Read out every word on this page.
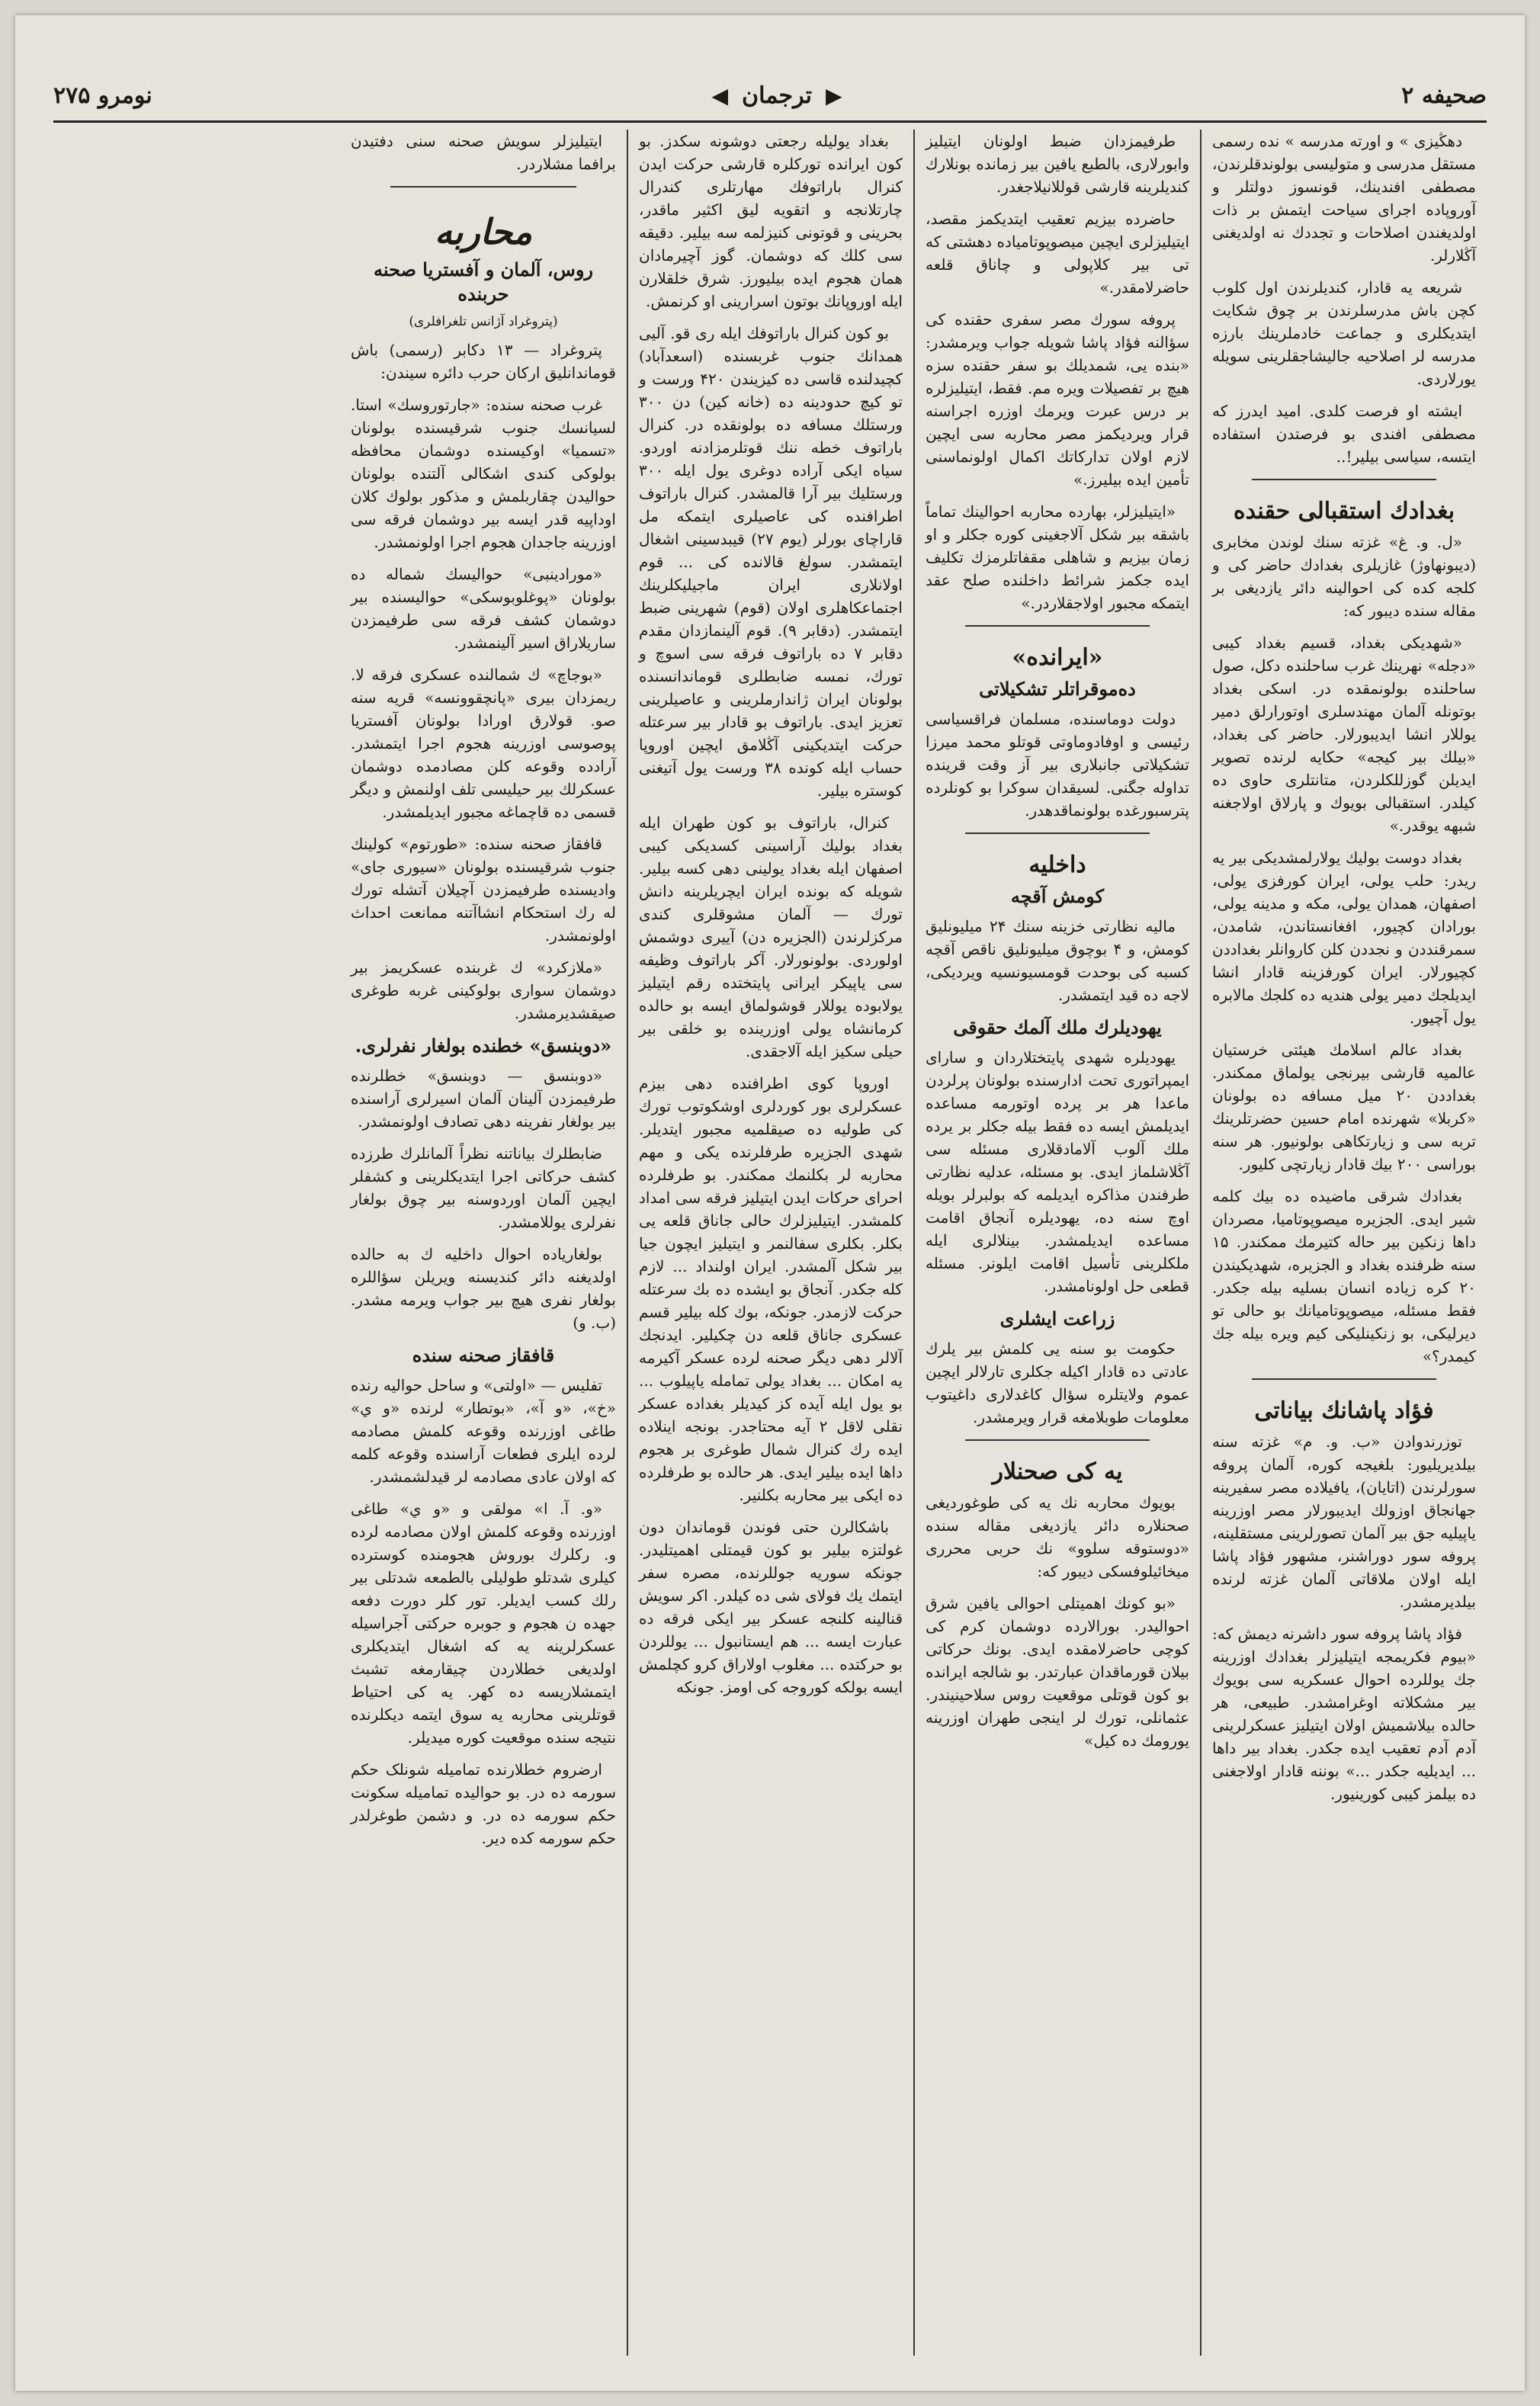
صحیفه ۲
▶
ترجمان
◀
نومرو ۲۷۵

دهڭیزی » و اورته مدرسه » نده رسمی مستقل مدرسی و متولیسی بولوندقلرندن، مصطفی افندینك، قونسوز دولتلر و آوروپاده اجرای سیاحت ایتمش بر ذات اولدیغندن اصلاحات و تجددك نه اولدیغنی آڭلارلر.

شریعه یه قادار، کندیلرندن اول کلوب کچن باش مدرسلرندن بر چوق شکایت ایتدیكلری و جماعت خادملرینك بارزه مدرسه لر اصلاحیه جالیشاجقلرینی سویله یورلاردی.

ایشته او فرصت کلدی. امید ایدرز که مصطفی افندی بو فرصتدن استفاده ایتسه، سیاسی بیلیر!..

بغدادك استقبالی حقنده

«ل. و. غ» غزته سنك لوندن مخابری (دیبونهاوژ) غازیلری بغدادك حاضر کی و کلجه کده کی احوالینه دائر یازدیغی بر مقاله سنده دیبور که:

«شهدیکی بغداد، قسیم بغداد کیبی «دجله» نهرینك غرب ساحلنده دکل، صول ساحلنده بولونمقده در. اسکی بغداد بوتونله آلمان مهندسلری اوتورارلق دمیر یوللار انشا ایدیبورلار. حاضر کی بغداد، «بیلك بیر کیجه» حکایه لرنده تصویر ایدیلن گوزللکلردن، متانتلری حاوی ده کیلدر. استقبالی بویوك و پارلاق اولاجغنه شبهه یوقدر.»

بغداد دوست بولیك یولارلمشدیکی بیر یه ریدر: حلب یولی، ایران کورفزی یولی، اصفهان، همدان یولی، مکه و مدینه یولی، بورادان کچیور، افغانستاندن، شامدن، سمرقنددن و نجددن کلن کاروانلر بغداددن کچیورلار. ایران کورفزینه قادار انشا ایدیلجك دمیر یولی هندیه ده کلجك مالابره یول آچیور.

بغداد عالم اسلامك هیئتی خرستیان عالمیه قارشی بیرنجی یولماق ممکندر. بغداددن ۲۰ میل مسافه ده بولونان «کربلا» شهرنده امام حسین حضرتلرینك تربه سی و زیارتکاهی بولونیور. هر سنه بوراسی ۲۰۰ بیك قادار زیارتچی کلیور.

بغدادك شرقی ماضیده ده بیك کلمه شیر ایدی. الجزیره میصوپوتامیا، مصردان داها زنکین بیر حاله کتیرمك ممکندر. ۱۵ سنه ظرفنده بغداد و الجزیره، شهدیکیندن ۲۰ کره زیاده انسان بسلیه بیله جکدر. فقط مسئله، میصوپوتامیانك بو حالی تو دیرلیکی، بو زنکینلیکی کیم ویره بیله جك کیمدر؟»

فؤاد پاشانك بیاناتی

توزرندوادن «ب. و. م» غزته سنه بیلدیریلیور: بلغیجه کوره، آلمان پروفه سورلرندن (اتایان)، یافیلاده مصر سفیرینه جهانجاق اوزولك ایدیبورلار مصر اوزرینه یاپیلیه جق بیر آلمان تصورلرینی مستقلینه، پروفه سور دوراشنر، مشهور فؤاد پاشا ایله اولان ملاقاتی آلمان غزته لرنده بیلدیرمشدر.

فؤاد پاشا پروفه سور داشرنه دیمش که: «بیوم فکریمجه ایتیلیزلر بغدادك اوزرینه جك یوللرده احوال عسکریه سی بویوك بیر مشکلاته اوغرامشدر. طبیعی، هر حالده بیلاشمیش اولان ایتیلیز عسکرلرینی آدم آدم تعقیب ایده جکدر. بغداد بیر داها ... ایدیلیه جکدر ...» بوننه قادار اولاجغنی ده بیلمز کیبی کورینیور.

طرفیمزدان ضبط اولونان ایتیلیز وابورلاری، بالطبع یافین بیر زمانده بونلارك کندیلرینه قارشی قوللانیلاجغدر.

حاضرده بیزیم تعقیب ایتدیکمز مقصد، ایتیلیزلری ایچین میصوپوتامیاده دهشتی که تی بیر کلاپولی و چاناق قلعه حاضرلامقدر.»

پروفه سورك مصر سفری حقنده کی سؤالنه فؤاد پاشا شویله جواب ویرمشدر: «بنده یی، شمدیلك بو سفر حقنده سزه هیچ بر تفصیلات ویره مم. فقط، ایتیلیزلره بر درس عبرت ویرمك اوزره اجراسنه قرار ویردیکمز مصر محاربه سی ایچین لازم اولان تدارکاتك اکمال اولونماسنی تأمین ایده بیلیرز.»

«ایتیلیزلر، بهارده محاربه احوالینك تماماً باشقه بیر شکل آلاجغینی کوره جکلر و او زمان بیزیم و شاهلی مقفاتلرمزك تکلیف ایده جکمز شرائط داخلنده صلح عقد ایتمکه مجبور اولاجقلاردر.»

«ایرانده»
دەموقراتلر تشکیلاتی

دولت دوماسنده، مسلمان فراقسیاسی رئیسی و اوفادوماوتی قوتلو محمد میرزا تشکیلاتی جانبلاری بیر آز وقت قرینده تداوله جگنی. لسیقدان سوکرا بو کونلرده پترسبورغده بولونماقدهدر.

داخلیه
کومش آقچه

مالیه نظارتی خزینه سنك ۲۴ میلیونلیق کومش، و ۴ بوچوق میلیونلیق ناقص آقچه کسبه کی بوحدت قومسیونسیه ویردیکی، لاجه ده قید ایتمشدر.

یهودیلرك ملك آلمك حقوقی

یهودیلره شهدی پایتختلاردان و سارای ایمپراتوری تحت ادارسنده بولونان پرلردن ماعدا هر بر پرده اوتورمه مساعده ایدیلمش ایسه ده فقط بیله جکلر بر یرده ملك آلوب آلامادقلاری مسئله سی آڭلاشلماز ایدی. بو مسئله، عدلیه نظارتی طرفندن مذاکره ایدیلمه که بولبرلر بویله اوچ سنه ده، یهودیلره آنجاق اقامت مساعده ایدیلمشدر. بینلالری ایله ملکلرینی تأسیل اقامت ایلونر. مسئله قطعی حل اولونامشدر.

زراعت ایشلری

حکومت بو سنه یی کلمش بیر یلرك عادتی ده قادار اکیله جکلری تارلالر ایچین عموم ولایتلره سؤال کاغدلاری داغیتوب معلومات طوبلامغه قرار ویرمشدر.

یه کی صحنلار

بویوك محاربه نك یه کی طوغوردیغی صحنلاره دائر یازدیغی مقاله سنده «دوستوقه سلوو» نك حربی محرری میخائیلوفسکی دیبور که:

«بو کونك اهمیتلی احوالی یافین شرق احوالیدر. بورالارده دوشمان کرم کی کوچی حاضرلامقده ایدی. بونك حرکاتی بیلان قورماقدان عبارتدر. بو شالجه ایرانده بو کون قوتلی موقعیت روس سلاحینیندر. عثمانلی، تورك لر اینجی طهران اوزرینه یورومك ده کیل»

بغداد یولیله رجعتی دوشونه سکدز. بو کون ایرانده تورکلره قارشی حرکت ایدن کنرال باراتوفك مهارتلری کندرال چارتلانجه و اتقویه لیق اکثیر ماقدر، بحرینی و قوتونی کنیزلمه سه بیلیر. دقیقه سی کلك که دوشمان. گوز آچیرمادان همان هجوم ایده بیلیورز. شرق خلقلارن ایله اوروپانك بوتون اسرارینی او کرنمش.

بو کون کنرال باراتوفك ایله ری قو. آلیی همدانك جنوب غربسنده (اسعدآباد) کچیدلنده قاسی ده کیزیندن ۴۲۰ ورست و تو کیچ حدودینه ده (خانه کین) دن ۳۰۰ ورستلك مسافه ده بولونقده در. کنرال باراتوف خطه ننك قوتلرمزادنه اوردو. سیاه ایکی آراده دوغری یول ایله ۳۰۰ ورستلیك بیر آرا قالمشدر. کنرال باراتوف اطرافنده کی عاصیلری ایتمکه مل قاراچای بورلر (یوم ۲۷) قیبدسینی اشغال ایتمشدر. سولغ قالانده کی ... قوم اولانلاری ایران ماجیلیكلرینك اجتماعکاهلری اولان (قوم) شهرینی ضبط ایتمشدر. (دقابر ۹). قوم آلینمازدان مقدم دقابر ۷ ده باراتوف فرقه سی اسوچ و تورك، نمسه ضابطلری قوماندانسنده بولونان ایران ژاندارملرینی و عاصیلرینی تعزیز ایدی. باراتوف بو قادار بیر سرعتله حرکت ایتدیکینی آڭلامق ایچین اوروپا حساب ایله کونده ۳۸ ورست یول آتیغنی کوستره بیلیر.

کنرال، باراتوف بو کون طهران ایله بغداد بولیك آراسینی کسدیکی کیبی اصفهان ایله بغداد یولینی دهی کسه بیلیر. شویله که بونده ایران ایچریلرینه دانش تورك — آلمان مشوقلری کندی مرکزلرندن (الجزیره دن) آییری دوشمش اولوردی. بولونورلار. آکر باراتوف وظیفه سی یاپیکر ایرانی پایتختده رقم ایتیلیز یولابوده یوللار قوشولماق ایسه بو حالده کرمانشاه یولی اوزرینده بو خلقی بیر حیلی سکیز ایله آلاجقدی.

اوروپا کوی اطرافنده دهی بیزم عسکرلری بور کوردلری اوشکوتوب تورك کی طولیه ده صیقلمیه مجبور ایتدیلر. شهدی الجزیره طرفلرنده یکی و مهم محاربه لر بکلنمك ممکندر. بو طرفلرده احرای حرکات ایدن ایتیلیز فرقه سی امداد کلمشدر. ایتیلیزلرك حالی جاناق قلعه یی بکلر. بکلری سفالنمر و ایتیلیز ایچون جیا بیر شکل آلمشدر. ایران اولنداد ... لازم کله جکدر. آنجاق بو ایشده ده بك سرعتله حرکت لازمدر. جونکه، بوك کله بیلیر قسم عسکری جاناق قلعه دن چکیلیر. ایدنجك آلالر دهی دیگر صحنه لرده عسکر آکیرمه یه امکان ... بغداد یولی تمامله یاپیلوب ... بو یول ایله آیده کز کیدیلر بغداده عسکر نقلی لاقل ۲ آیه محتاجدر. بونجه اینلاده ایده رك کنرال شمال طوغری بر هجوم داها ایده بیلیر ایدی. هر حالده بو طرفلرده ده ایکی بیر محاربه بکلنیر.

باشکالرن حتی فوندن قوماندان دون غولتزه بیلیر بو کون قیمتلی اهمیتلیدر. جونکه سوریه جوللرنده، مصره سفر ایتمك یك فولای شی ده کیلدر. اکر سویش قنالینه کلنجه عسکر بیر ایکی فرقه ده عبارت ایسه ... هم ایستانبول ... یوللردن بو حرکتده ... مغلوب اولاراق کرو کچلمش ایسه بولکه کوروجه کی اومز. جونکه

ایتیلیزلر سویش صحنه سنی دفتیدن برافما مشلاردر.

محاربه
روس، آلمان و آفستریا صحنه حربنده
(پتروغراد آژانس تلغرافلری)

پتروغراد — ۱۳ دکابر (رسمی) باش قوماندانلیق ارکان حرب دائره سیندن:

غرب صحنه سنده: «جارتوروسك» استا. لسیانسك جنوب شرقیسنده بولونان «تسمیا» اوکیسنده دوشمان محافظه بولوکی کندی اشکالی آلتنده بولونان حوالیدن چقاربلمش و مذکور بولوك کلان اوداپیه قدر ایسه بیر دوشمان فرقه سی اوزرینه جاجدان هجوم اجرا اولونمشدر.

«مورادینبی» حوالیسك شماله ده بولونان «پوغلوبوسکی» حوالیسنده بیر دوشمان کشف فرقه سی طرفیمزدن ساریلاراق اسیر آلینمشدر.

«بوجاچ» ك شمالنده عسکری فرقه لا. ریمزدان بیری «پانچقوونسه» قریه سنه صو. قولارق اورادا بولونان آفستریا پوصوسی اوزرینه هجوم اجرا ایتمشدر. آرادده وقوعه کلن مصادمده دوشمان عسکرلك بیر حیلیسی تلف اولنمش و دیگر قسمی ده قاچماغه مجبور ایدیلمشدر.

قافقاز صحنه سنده: «طورتوم» کولینك جنوب شرقیسنده بولونان «سیوری جای» وادیسنده طرفیمزدن آچیلان آتشله تورك له رك استحکام انشاآتنه ممانعت احداث اولونمشدر.

«ملازکرد» ك غربنده عسکریمز بیر دوشمان سواری بولوکینی غربه طوغری صیقشدیرمشدر.

«دوبنسق» خطنده بولغار نفرلری.

«دوبنسق — دوبنسق» خطلرنده طرفیمزدن آلینان آلمان اسیرلری آراسنده بیر بولغار نفرینه دهی تصادف اولونمشدر.

ضابطلرك بیاناتنه نظراً آلمانلرك طرزده کشف حرکاتی اجرا ایتدیکلرینی و کشفلر ایچین آلمان اوردوسنه بیر چوق بولغار نفرلری یوللامشدر.

بولغاریاده احوال داخلیه ك به حالده اولدیغنه دائر کندیسنه ویریلن سؤاللره بولغار نفری هیچ بیر جواب ویرمه مشدر. (ب. و)

قافقاز صحنه سنده

تفلیس — «اولتی» و ساحل حوالیه رنده «خ»، «و آ»، «بوتطار» لرنده «و ي» طاغی اوزرنده وقوعه کلمش مصادمه لرده ایلری فطعات آراسنده وقوعه کلمه که اولان عادی مصادمه لر قیدلشمشدر.

«و. آ. ا» مولقی و «و ي» طاغی اوزرنده وقوعه کلمش اولان مصادمه لرده و. رکلرك بوروش هجومنده کوسترده کیلری شدتلو طولیلی بالطمعه شدتلی بیر رلك کسب ایدیلر. تور کلر دورت دفعه جهده ن هجوم و جوبره حرکتی آجراسیله عسکرلرینه یه که اشغال ایتدیکلری اولدیغی خطلاردن چیقارمغه تشبث ایتمشلاریسه ده کهر. یه کی احتیاط قوتلرینی محاربه یه سوق ایتمه دیکلرنده نتیجه سنده موقعیت کوره میدیلر.

ارضروم خطلارنده تمامیله شونلک حکم سورمه ده در. بو حوالیده تمامیله سکونت حکم سورمه ده در. و دشمن طوغرلدر حکم سورمه کده دیر.
